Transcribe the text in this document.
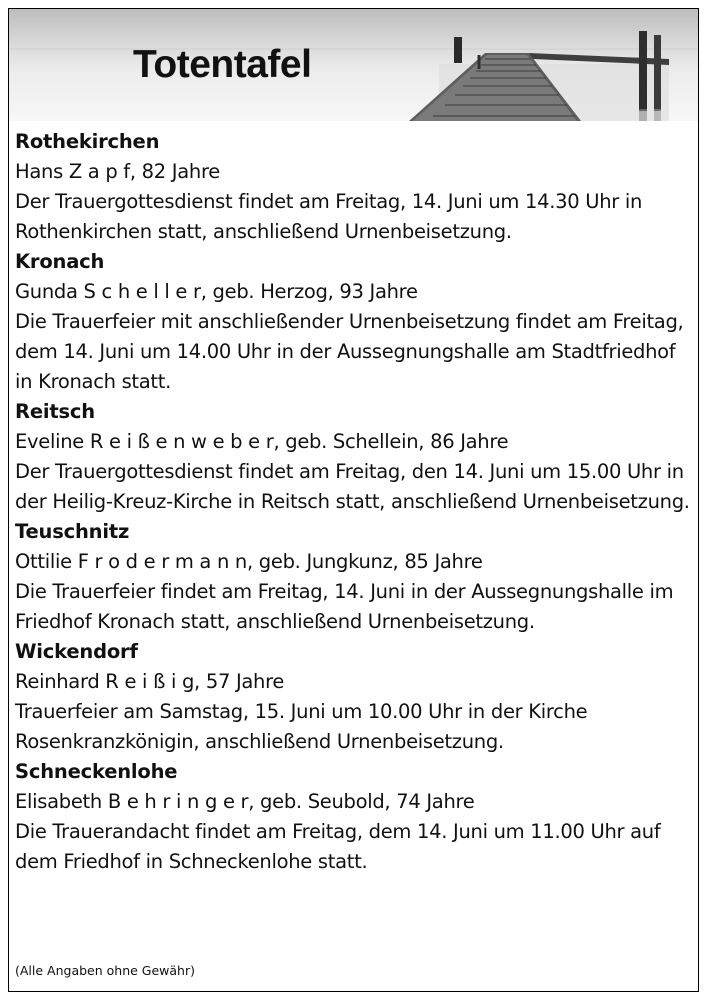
Totentafel

Rothekirchen

Hans Z a p f, 82 Jahre

Der Trauergottesdienst findet am Freitag, 14. Juni um 14.30 Uhr in Rothenkirchen statt, anschließend Urnenbeisetzung.

Kronach

Gunda S c h e l l e r, geb. Herzog, 93 Jahre

Die Trauerfeier mit anschließender Urnenbeisetzung findet am Freitag, dem 14. Juni um 14.00 Uhr in der Aussegnungshalle am Stadtfriedhof in Kronach statt.

Reitsch

Eveline R e i ß e n w e b e r, geb. Schellein, 86 Jahre

Der Trauergottesdienst findet am Freitag, den 14. Juni um 15.00 Uhr in der Heilig-Kreuz-Kirche in Reitsch statt, anschließend Urnenbeisetzung.

Teuschnitz

Ottilie F r o d e r m a n n, geb. Jungkunz, 85 Jahre

Die Trauerfeier findet am Freitag, 14. Juni in der Aussegnungshalle im Friedhof Kronach statt, anschließend Urnenbeisetzung.

Wickendorf

Reinhard R e i ß i g, 57 Jahre

Trauerfeier am Samstag, 15. Juni um 10.00 Uhr in der Kirche Rosenkranzkönigin, anschließend Urnenbeisetzung.

Schneckenlohe

Elisabeth B e h r i n g e r, geb. Seubold, 74 Jahre

Die Trauerandacht findet am Freitag, dem 14. Juni um 11.00 Uhr auf dem Friedhof in Schneckenlohe statt.

(Alle Angaben ohne Gewähr)
